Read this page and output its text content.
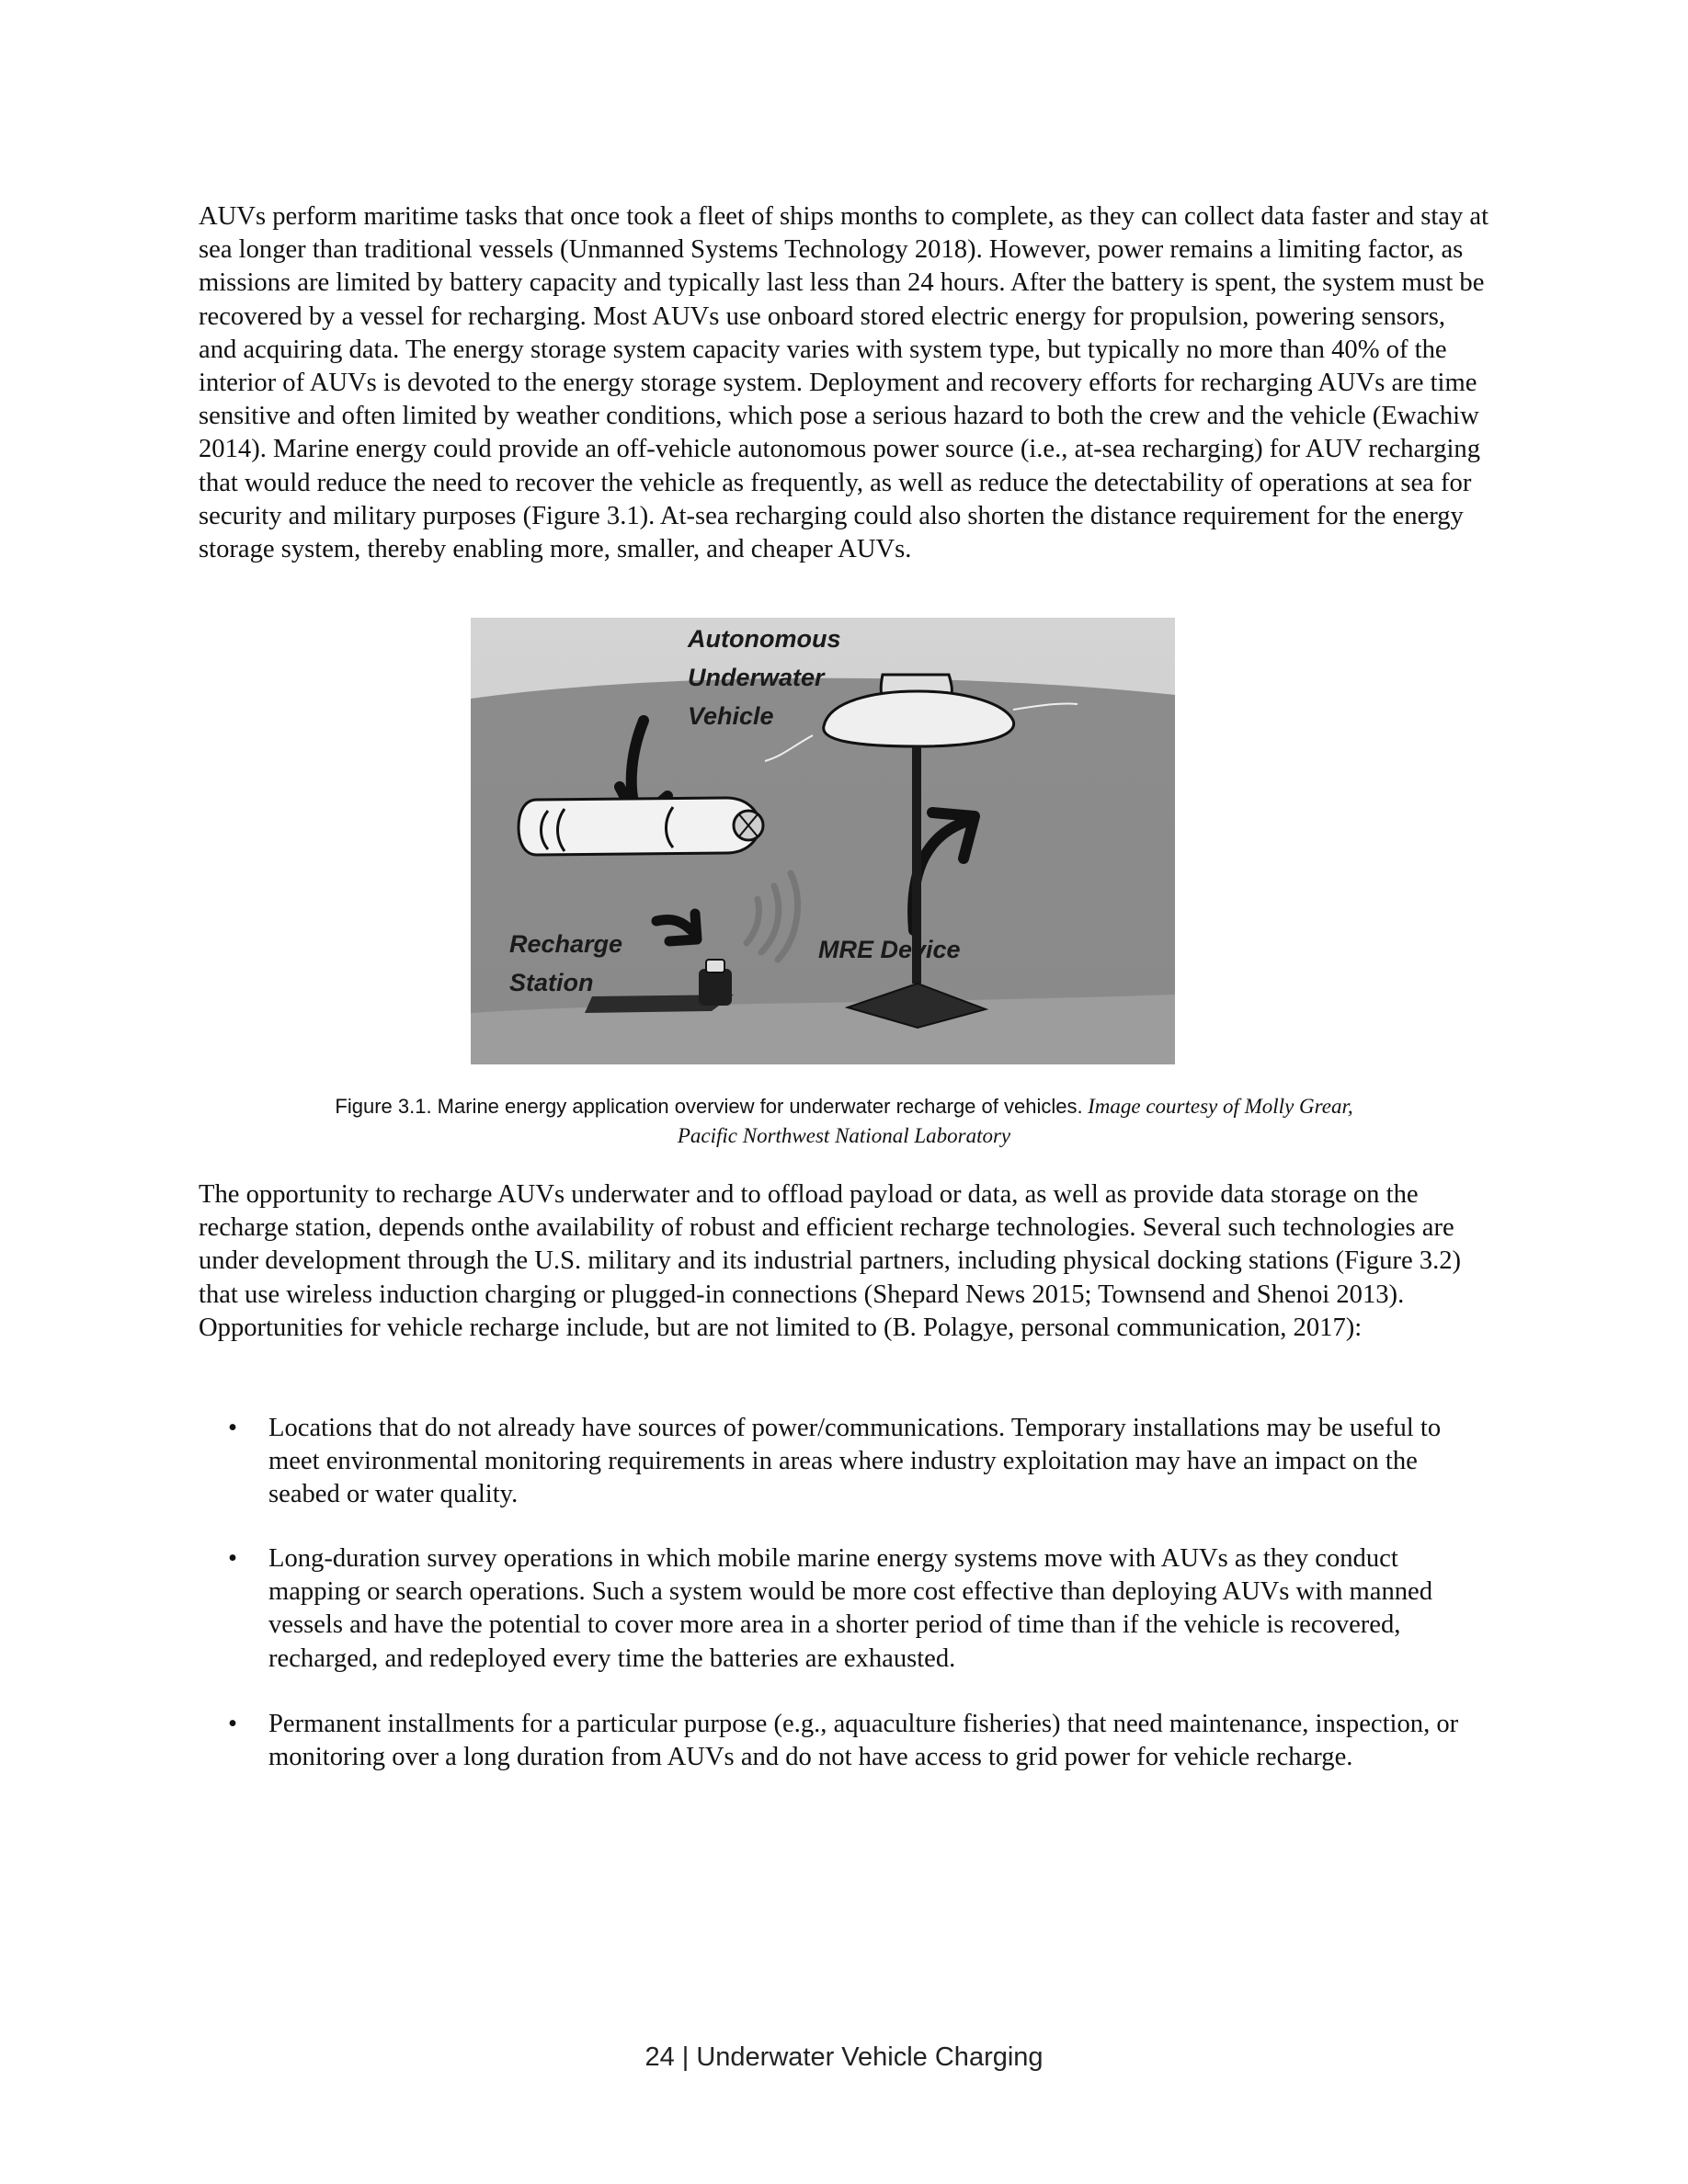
AUVs perform maritime tasks that once took a fleet of ships months to complete, as they can collect data faster and stay at sea longer than traditional vessels (Unmanned Systems Technology 2018). However, power remains a limiting factor, as missions are limited by battery capacity and typically last less than 24 hours. After the battery is spent, the system must be recovered by a vessel for recharging. Most AUVs use onboard stored electric energy for propulsion, powering sensors, and acquiring data. The energy storage system capacity varies with system type, but typically no more than 40% of the interior of AUVs is devoted to the energy storage system. Deployment and recovery efforts for recharging AUVs are time sensitive and often limited by weather conditions, which pose a serious hazard to both the crew and the vehicle (Ewachiw 2014). Marine energy could provide an off-vehicle autonomous power source (i.e., at-sea recharging) for AUV recharging that would reduce the need to recover the vehicle as frequently, as well as reduce the detectability of operations at sea for security and military purposes (Figure 3.1). At-sea recharging could also shorten the distance requirement for the energy storage system, thereby enabling more, smaller, and cheaper AUVs.

Autonomous
Underwater
Vehicle
Recharge
Station
MRE Device
Figure 3.1. Marine energy application overview for underwater recharge of vehicles. Image courtesy of Molly Grear,
Pacific Northwest National Laboratory

The opportunity to recharge AUVs underwater and to offload payload or data, as well as provide data storage on the recharge station, depends onthe availability of robust and efficient recharge technologies. Several such technologies are under development through the U.S. military and its industrial partners, including physical docking stations (Figure 3.2) that use wireless induction charging or plugged-in connections (Shepard News 2015; Townsend and Shenoi 2013). Opportunities for vehicle recharge include, but are not limited to (B. Polagye, personal communication, 2017):

• Locations that do not already have sources of power/communications. Temporary installations may be useful to meet environmental monitoring requirements in areas where industry exploitation may have an impact on the seabed or water quality.
• Long-duration survey operations in which mobile marine energy systems move with AUVs as they conduct mapping or search operations. Such a system would be more cost effective than deploying AUVs with manned vessels and have the potential to cover more area in a shorter period of time than if the vehicle is recovered, recharged, and redeployed every time the batteries are exhausted.
• Permanent installments for a particular purpose (e.g., aquaculture fisheries) that need maintenance, inspection, or monitoring over a long duration from AUVs and do not have access to grid power for vehicle recharge.
24 | Underwater Vehicle Charging
